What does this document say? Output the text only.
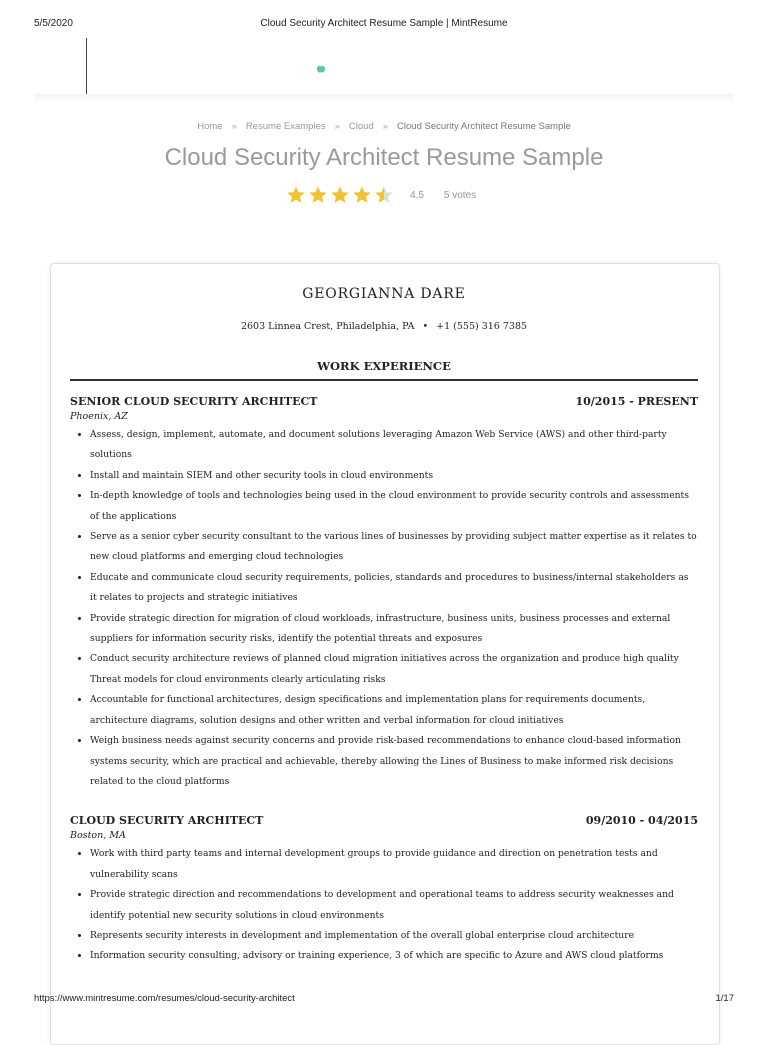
5/5/2020	Cloud Security Architect Resume Sample | MintResume
Home » Resume Examples » Cloud » Cloud Security Architect Resume Sample
Cloud Security Architect Resume Sample
4.5 5 votes
GEORGIANNA DARE
2603 Linnea Crest, Philadelphia, PA • +1 (555) 316 7385
WORK EXPERIENCE
SENIOR CLOUD SECURITY ARCHITECT	10/2015 - PRESENT
Phoenix, AZ
• Assess, design, implement, automate, and document solutions leveraging Amazon Web Service (AWS) and other third-party solutions
• Install and maintain SIEM and other security tools in cloud environments
• In-depth knowledge of tools and technologies being used in the cloud environment to provide security controls and assessments of the applications
• Serve as a senior cyber security consultant to the various lines of businesses by providing subject matter expertise as it relates to new cloud platforms and emerging cloud technologies
• Educate and communicate cloud security requirements, policies, standards and procedures to business/internal stakeholders as it relates to projects and strategic initiatives
• Provide strategic direction for migration of cloud workloads, infrastructure, business units, business processes and external suppliers for information security risks, identify the potential threats and exposures
• Conduct security architecture reviews of planned cloud migration initiatives across the organization and produce high quality Threat models for cloud environments clearly articulating risks
• Accountable for functional architectures, design specifications and implementation plans for requirements documents, architecture diagrams, solution designs and other written and verbal information for cloud initiatives
• Weigh business needs against security concerns and provide risk-based recommendations to enhance cloud-based information systems security, which are practical and achievable, thereby allowing the Lines of Business to make informed risk decisions related to the cloud platforms
CLOUD SECURITY ARCHITECT	09/2010 - 04/2015
Boston, MA
• Work with third party teams and internal development groups to provide guidance and direction on penetration tests and vulnerability scans
• Provide strategic direction and recommendations to development and operational teams to address security weaknesses and identify potential new security solutions in cloud environments
• Represents security interests in development and implementation of the overall global enterprise cloud architecture
• Information security consulting, advisory or training experience, 3 of which are specific to Azure and AWS cloud platforms
https://www.mintresume.com/resumes/cloud-security-architect	1/17
